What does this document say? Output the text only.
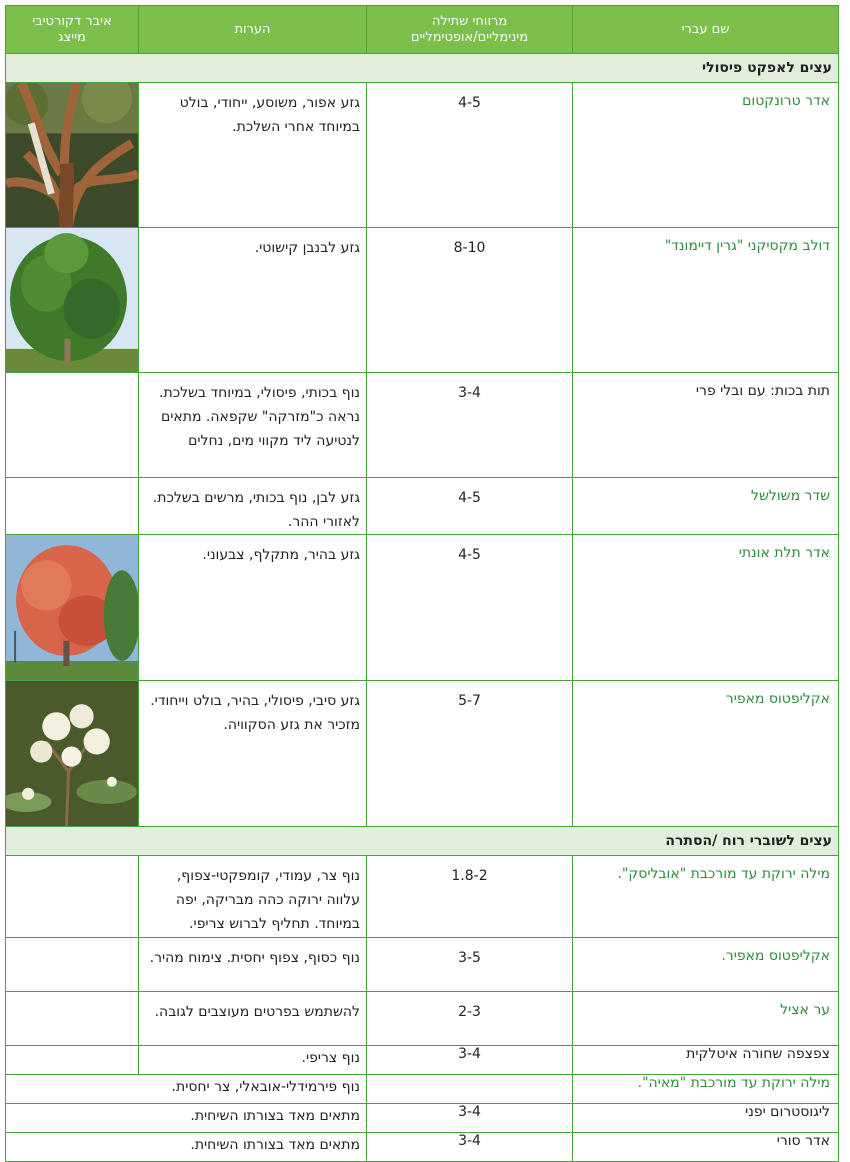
שם עברי	מרווחי שתילה מינימליים/אופטימליים	הערות	איבר דקורטיבי מייצג
עצים לאפקט פיסולי			
אדר טרונקטום	4-5	גזע אפור, משוסע, ייחודי, בולט במיוחד אחרי השלכת.	

דולב מקסיקני "גרין דיימונד"	8-10	גזע לבנבן קישוטי.	

תות בכות: עם ובלי פרי	3-4	נוף בכותי, פיסולי, במיוחד בשלכת. נראה כ"מזרקה" שקפאה. מתאים לנטיעה ליד מקווי מים, נחלים	
שדר משולשל	4-5	גזע לבן, נוף בכותי, מרשים בשלכת. לאזורי ההר.	
אדר תלת אונתי	4-5	גזע בהיר, מתקלף, צבעוני.	

אקליפטוס מאפיר	5-7	גזע סיבי, פיסולי, בהיר, בולט וייחודי. מזכיר את גזע הסקוויה.	

עצים לשוברי רוח /הסתרה			
מילה ירוקת עד מורכבת "אובליסק".	1.8-2	נוף צר, עמודי, קומפקטי-צפוף, עלווה ירוקה כהה מבריקה, יפה במיוחד. תחליף לברוש צריפי.	
אקליפטוס מאפיר.	3-5	נוף כסוף, צפוף יחסית. צימוח מהיר.	
ער אציל	2-3	להשתמש בפרטים מעוצבים לגובה.	
צפצפה שחורה איטלקית	3-4	נוף צריפי.	
מילה ירוקת עד מורכבת "מאיה".		נוף פירמידלי-אובאלי, צר יחסית.	
ליגוסטרום יפני	3-4	מתאים מאד בצורתו השיחית.	
אדר סורי	3-4	מתאים מאד בצורתו השיחית.	
